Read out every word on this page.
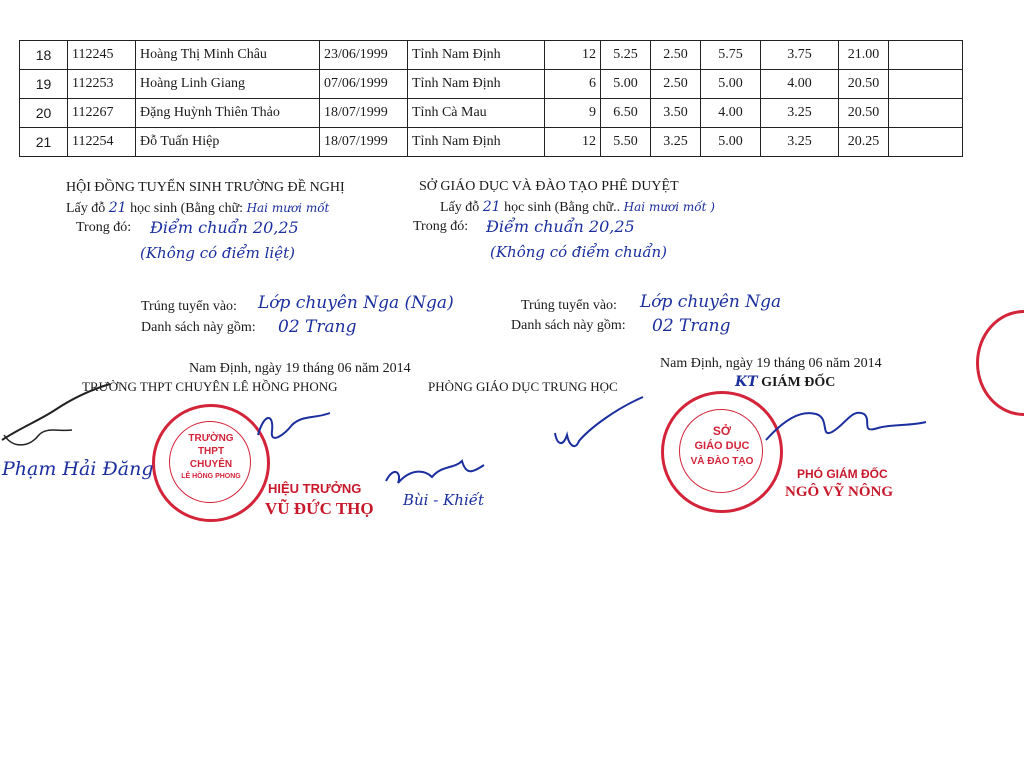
18	112245	Hoàng Thị Minh Châu	23/06/1999	Tỉnh Nam Định	12	5.25	2.50	5.75	3.75	21.00	
19	112253	Hoàng Linh Giang	07/06/1999	Tỉnh Nam Định	6	5.00	2.50	5.00	4.00	20.50	
20	112267	Đặng Huỳnh Thiên Thảo	18/07/1999	Tỉnh Cà Mau	9	6.50	3.50	4.00	3.25	20.50	
21	112254	Đỗ Tuấn Hiệp	18/07/1999	Tỉnh Nam Định	12	5.50	3.25	5.00	3.25	20.25	
HỘI ĐỒNG TUYỂN SINH TRƯỜNG ĐỀ NGHỊ
Lấy đỗ 21 học sinh (Bằng chữ: Hai mươi mốt
Trong đó: Điểm chuẩn 20,25
(Không có điểm liệt)
Trúng tuyển vào: Lớp chuyên Nga (Nga)
Danh sách này gồm: 02 Trang
Nam Định, ngày 19 tháng 06 năm 2014
TRƯỜNG THPT CHUYÊN LÊ HỒNG PHONG	PHÒNG GIÁO DỤC TRUNG HỌC
SỞ GIÁO DỤC VÀ ĐÀO TẠO PHÊ DUYỆT
Lấy đỗ 21 học sinh (Bằng chữ.. Hai mươi mốt )
Trong đó: Điểm chuẩn 20,25
(Không có điểm chuẩn)
Trúng tuyển vào: Lớp chuyên Nga
Danh sách này gồm: 02 Trang
Nam Định, ngày 19 tháng 06 năm 2014
KT GIÁM ĐỐC
TRƯỜNG
THPT
CHUYÊN
LÊ HỒNG PHONG
SỞ
GIÁO DỤC
VÀ ĐÀO TẠO
HIỆU TRƯỞNG
VŨ ĐỨC THỌ
PHÓ GIÁM ĐỐC
NGÔ VỸ NÔNG
Phạm Hải Đăng
Bùi - Khiết
